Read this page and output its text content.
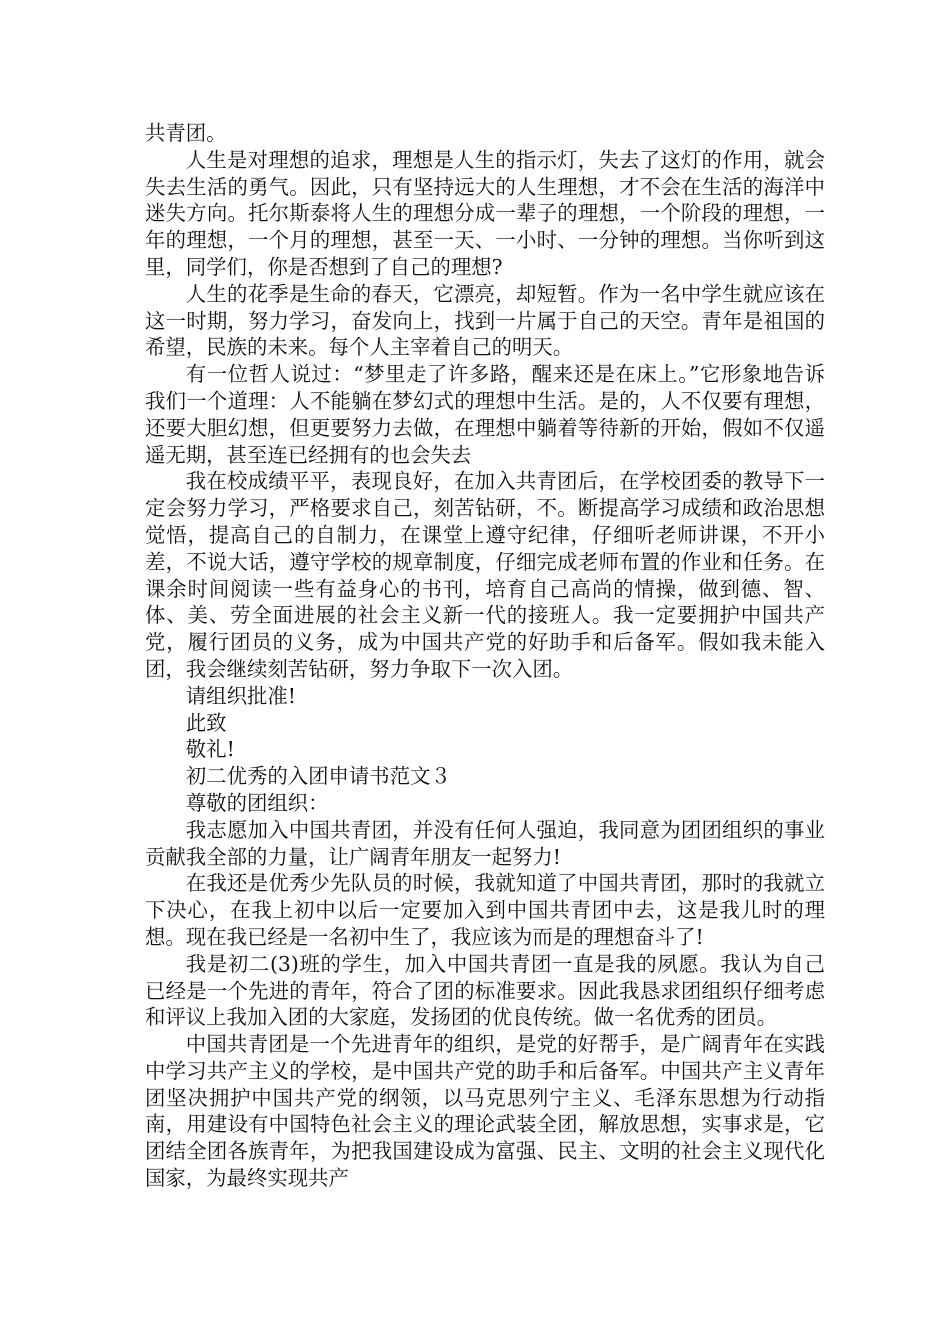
共青团。

人生是对理想的追求，理想是人生的指示灯，失去了这灯的作用，就会失去生活的勇气。因此，只有坚持远大的人生理想，才不会在生活的海洋中迷失方向。托尔斯泰将人生的理想分成一辈子的理想，一个阶段的理想，一年的理想，一个月的理想，甚至一天、一小时、一分钟的理想。当你听到这里，同学们，你是否想到了自己的理想?

人生的花季是生命的春天，它漂亮，却短暂。作为一名中学生就应该在这一时期，努力学习，奋发向上，找到一片属于自己的天空。青年是祖国的希望，民族的未来。每个人主宰着自己的明天。

有一位哲人说过：“梦里走了许多路，醒来还是在床上。”它形象地告诉我们一个道理：人不能躺在梦幻式的理想中生活。是的，人不仅要有理想，还要大胆幻想，但更要努力去做，在理想中躺着等待新的开始，假如不仅遥遥无期，甚至连已经拥有的也会失去

我在校成绩平平，表现良好，在加入共青团后，在学校团委的教导下一定会努力学习，严格要求自己，刻苦钻研，不。断提高学习成绩和政治思想觉悟，提高自己的自制力，在课堂上遵守纪律，仔细听老师讲课，不开小差，不说大话，遵守学校的规章制度，仔细完成老师布置的作业和任务。在课余时间阅读一些有益身心的书刊，培育自己高尚的情操，做到德、智、体、美、劳全面进展的社会主义新一代的接班人。我一定要拥护中国共产党，履行团员的义务，成为中国共产党的好助手和后备军。假如我未能入团，我会继续刻苦钻研，努力争取下一次入团。

请组织批准!

此致

敬礼!

初二优秀的入团申请书范文３

尊敬的团组织：

我志愿加入中国共青团，并没有任何人强迫，我同意为团团组织的事业贡献我全部的力量，让广阔青年朋友一起努力!

在我还是优秀少先队员的时候，我就知道了中国共青团，那时的我就立下决心，在我上初中以后一定要加入到中国共青团中去，这是我儿时的理想。现在我已经是一名初中生了，我应该为而是的理想奋斗了!

我是初二(3)班的学生，加入中国共青团一直是我的夙愿。我认为自己已经是一个先进的青年，符合了团的标准要求。因此我恳求团组织仔细考虑和评议上我加入团的大家庭，发扬团的优良传统。做一名优秀的团员。

中国共青团是一个先进青年的组织，是党的好帮手，是广阔青年在实践中学习共产主义的学校，是中国共产党的助手和后备军。中国共产主义青年团坚决拥护中国共产党的纲领，以马克思列宁主义、毛泽东思想为行动指南，用建设有中国特色社会主义的理论武装全团，解放思想，实事求是，它团结全团各族青年，为把我国建设成为富强、民主、文明的社会主义现代化国家，为最终实现共产
